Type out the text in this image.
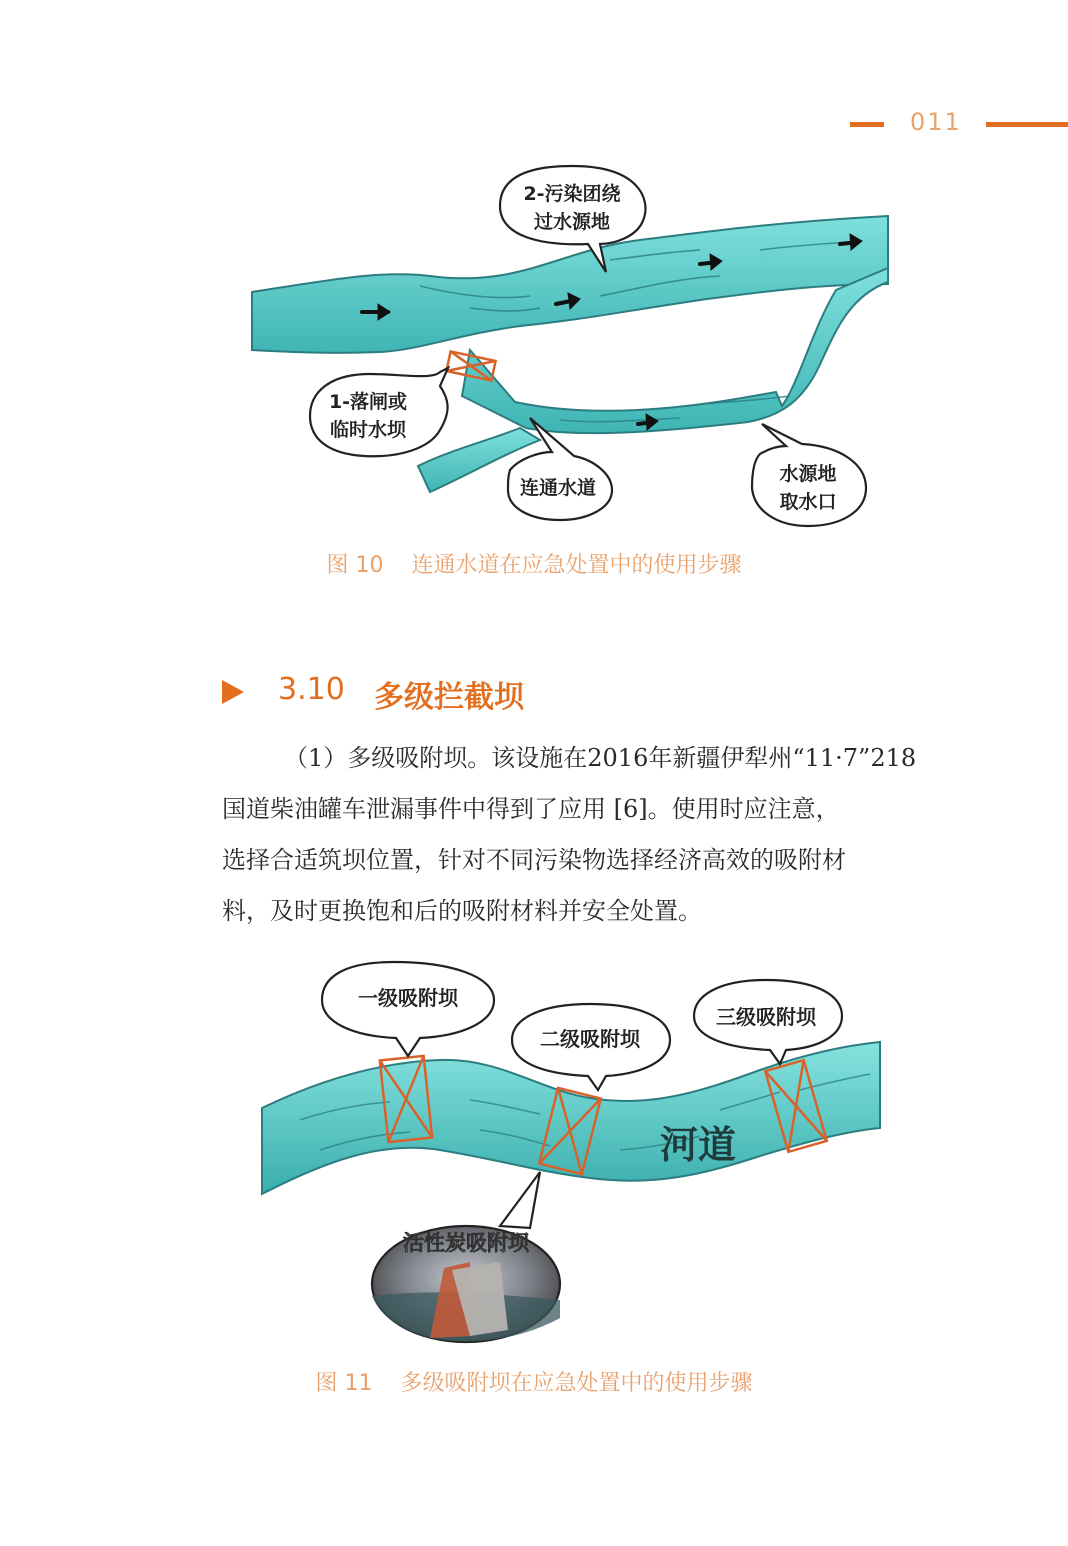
011
2-污染团绕
过水源地
1-落闸或
临时水坝
连通水道
水源地
取水口
图 10 连通水道在应急处置中的使用步骤
3.10 多级拦截坝
（1）多级吸附坝。该设施在2016年新疆伊犁州“11·7”218
国道柴油罐车泄漏事件中得到了应用 [6]。使用时应注意，
选择合适筑坝位置，针对不同污染物选择经济高效的吸附材
料，及时更换饱和后的吸附材料并安全处置。
一级吸附坝
二级吸附坝
三级吸附坝
活性炭吸附坝
河道
图 11 多级吸附坝在应急处置中的使用步骤
